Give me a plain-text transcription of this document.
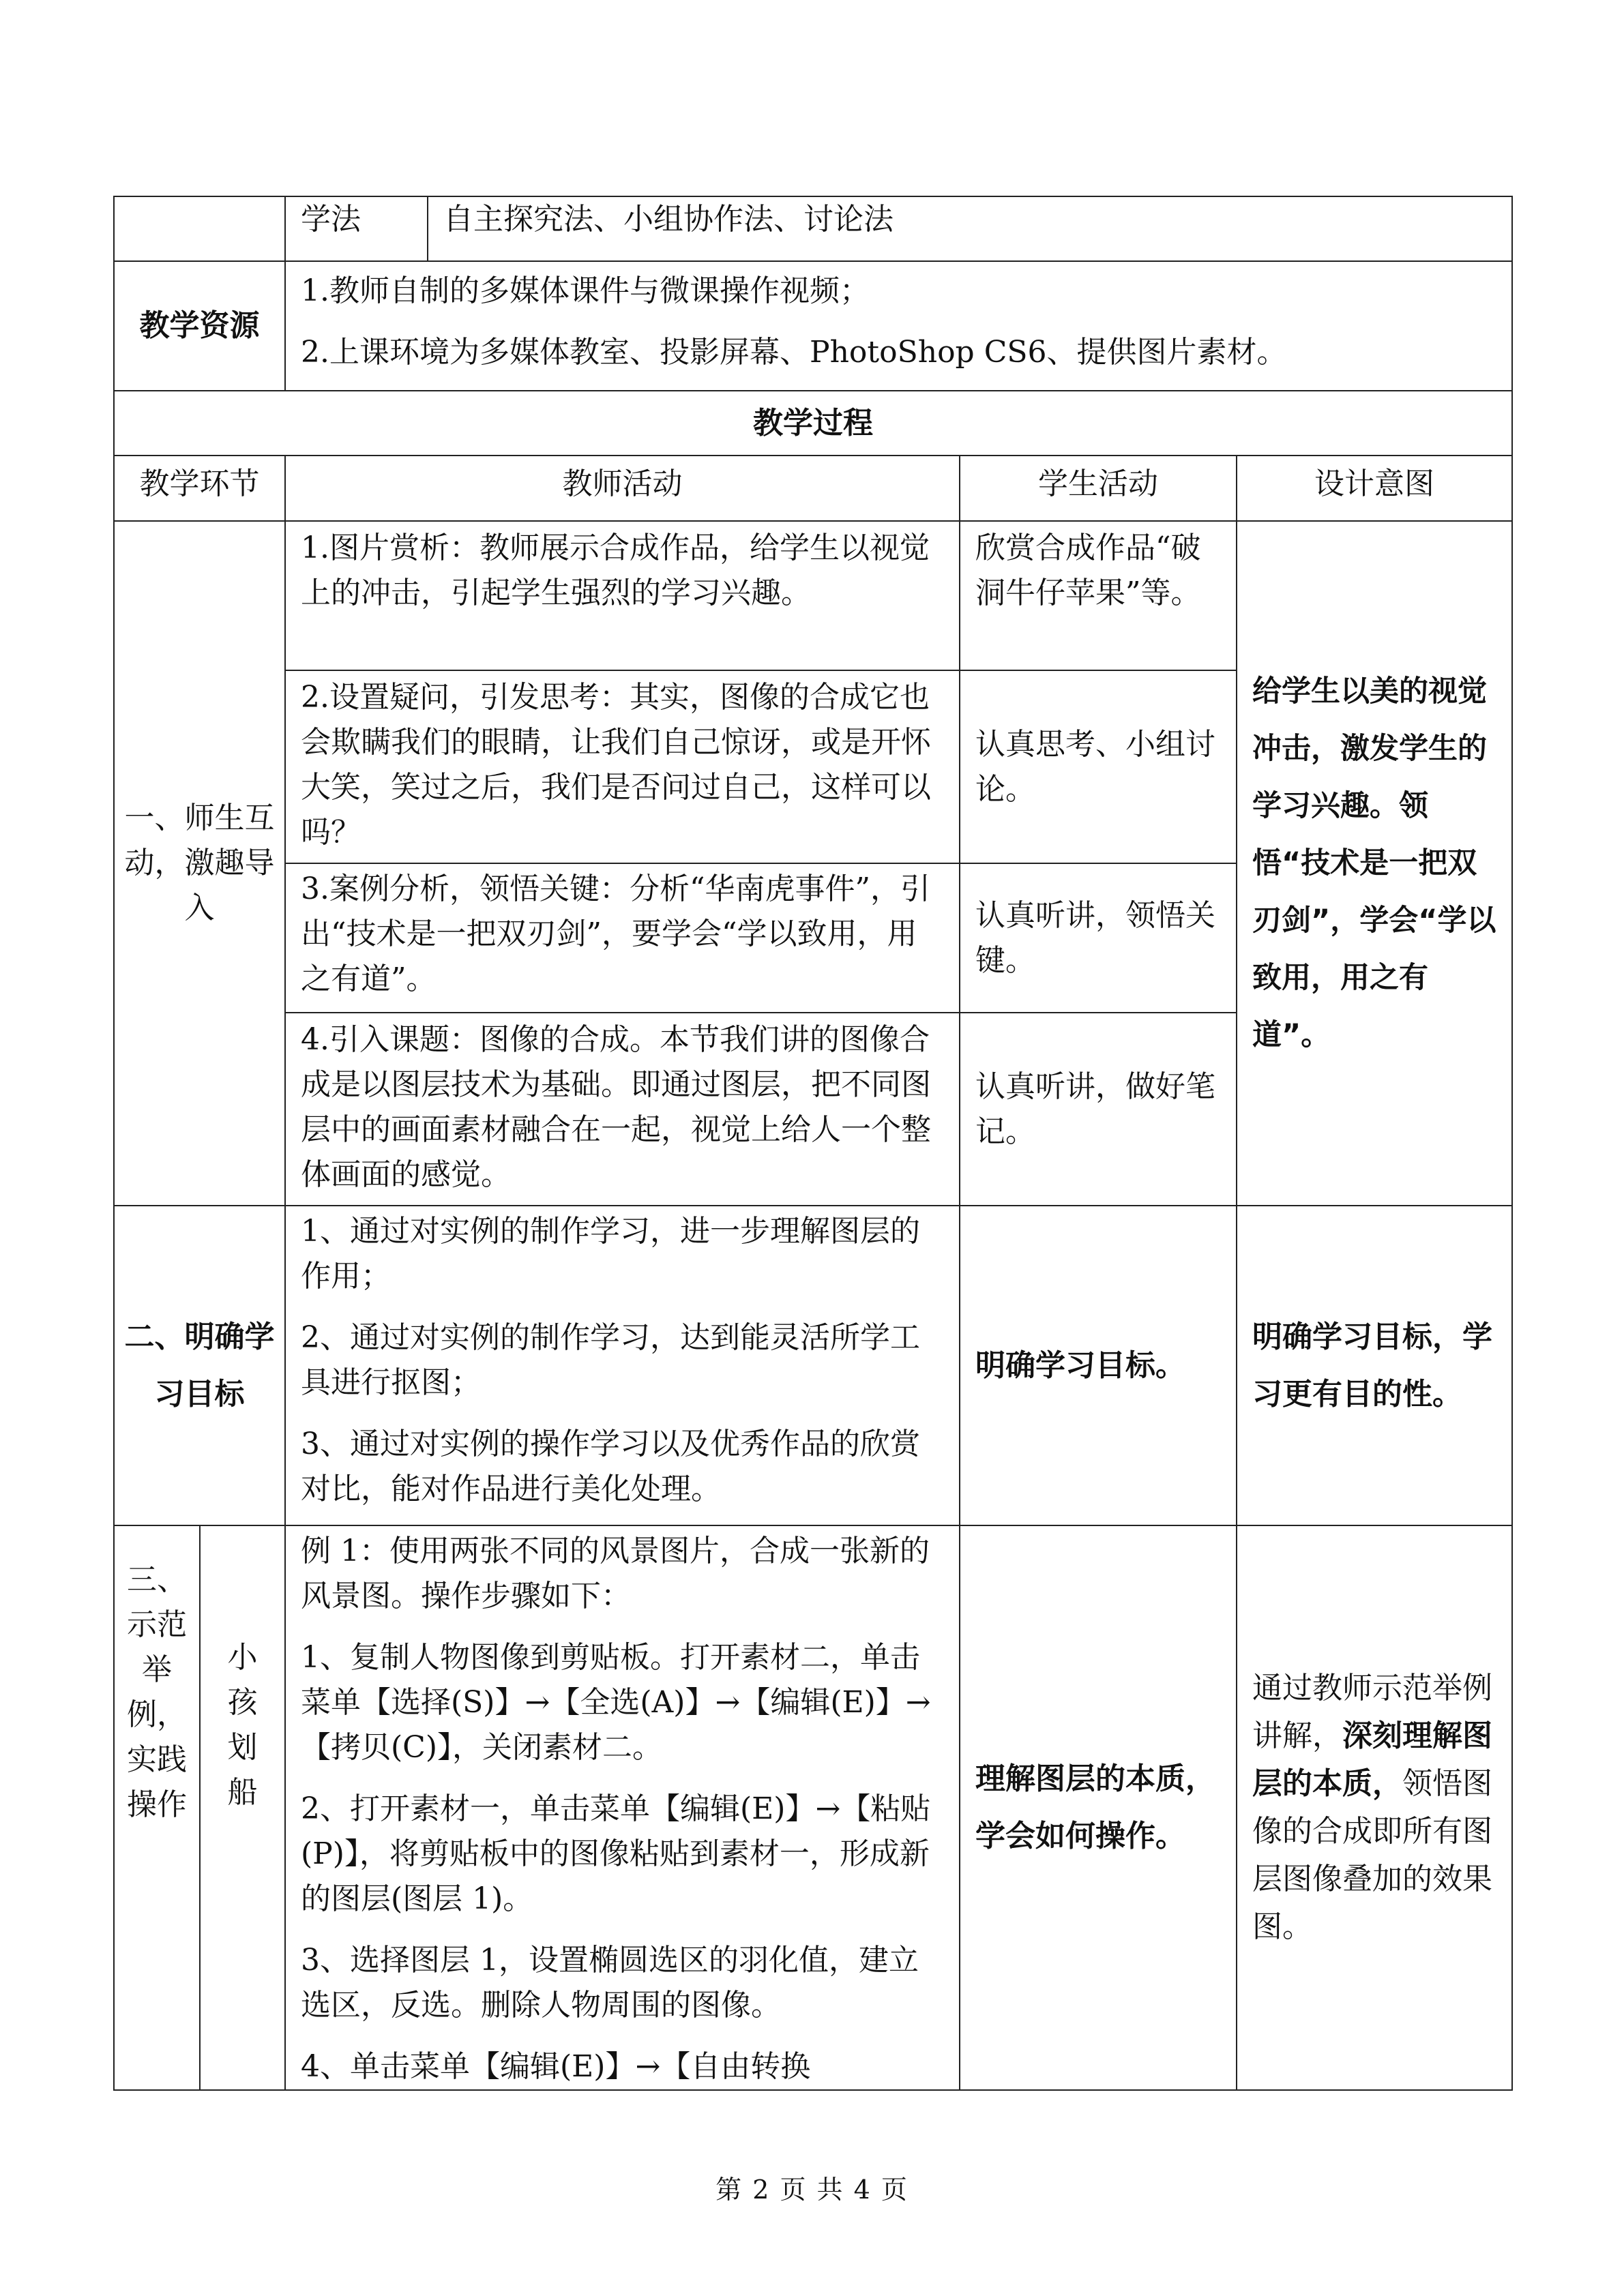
		学法	自主探究法、小组协作法、讨论法		
教学资源		1.教师自制的多媒体课件与微课操作视频；

2.上课环境为多媒体教室、投影屏幕、PhotoShop CS6、提供图片素材。			

教学过程					
教学环节		教师活动		学生活动	设计意图
一、师生互动，激趣导入		1.图片赏析：教师展示合成作品，给学生以视觉上的冲击，引起学生强烈的学习兴趣。		欣赏合成作品“破洞牛仔苹果”等。	给学生以美的视觉冲击，激发学生的学习兴趣。领悟“技术是一把双刃剑”，学会“学以致用，用之有道”。
		2.设置疑问，引发思考：其实，图像的合成它也会欺瞒我们的眼睛，让我们自己惊讶，或是开怀大笑，笑过之后，我们是否问过自己，这样可以吗？		认真思考、小组讨论。	
		3.案例分析，领悟关键：分析“华南虎事件”，引出“技术是一把双刃剑”，要学会“学以致用，用之有道”。		认真听讲，领悟关键。	
		4.引入课题：图像的合成。本节我们讲的图像合成是以图层技术为基础。即通过图层，把不同图层中的画面素材融合在一起，视觉上给人一个整体画面的感觉。		认真听讲，做好笔记。	
二、明确学习目标		1、通过对实例的制作学习，进一步理解图层的作用；

2、通过对实例的制作学习，达到能灵活所学工具进行抠图；

3、通过对实例的操作学习以及优秀作品的欣赏对比，能对作品进行美化处理。		明确学习目标。	明确学习目标，学习更有目的性。
三、示范举例，实践操作	小孩划船	例 1：使用两张不同的风景图片，合成一张新的风景图。操作步骤如下：

1、复制人物图像到剪贴板。打开素材二，单击菜单【选择(S)】→【全选(A)】→【编辑(E)】→【拷贝(C)】，关闭素材二。

2、打开素材一，单击菜单【编辑(E)】→【粘贴(P)】，将剪贴板中的图像粘贴到素材一，形成新的图层(图层 1)。

3、选择图层 1，设置椭圆选区的羽化值，建立选区，反选。删除人物周围的图像。

4、单击菜单【编辑(E)】→【自由转换		理解图层的本质，学会如何操作。	通过教师示范举例讲解，深刻理解图层的本质，领悟图像的合成即所有图层图像叠加的效果图。
第 2 页 共 4 页
